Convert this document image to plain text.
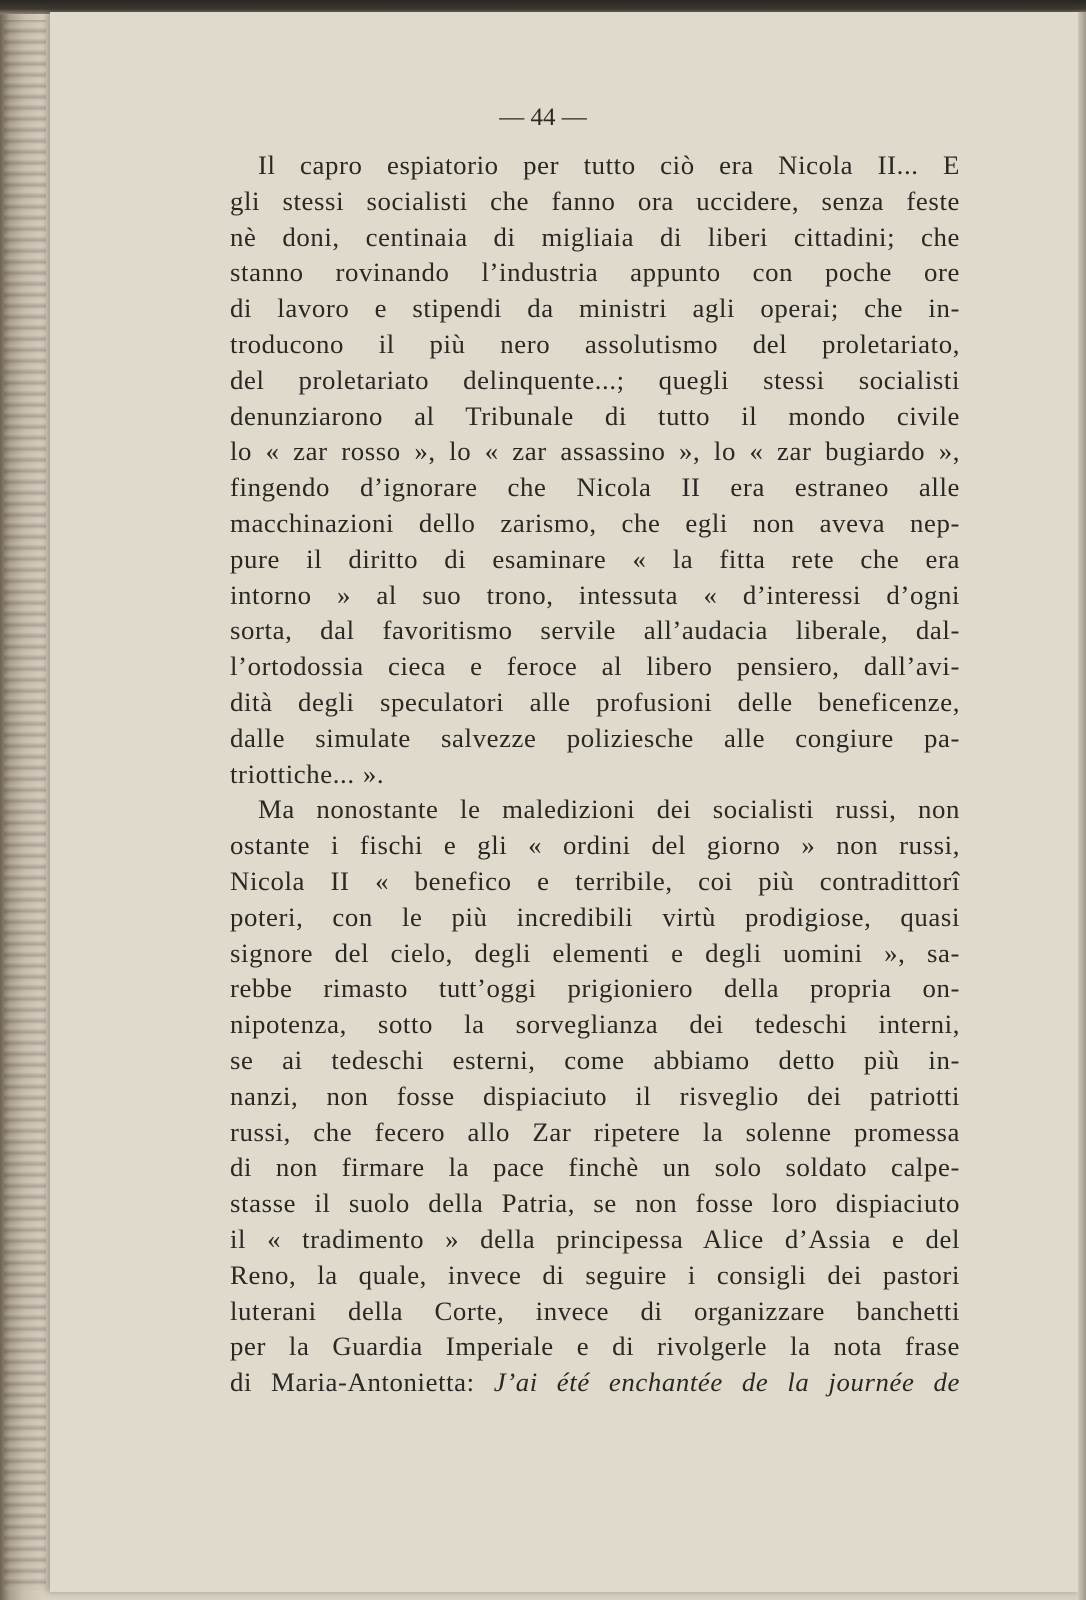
— 44 —

Il capro espiatorio per tutto ciò era Nicola II... E

gli stessi socialisti che fanno ora uccidere, senza feste

nè doni, centinaia di migliaia di liberi cittadini; che

stanno rovinando l’industria appunto con poche ore

di lavoro e stipendi da ministri agli operai; che in-

troducono il più nero assolutismo del proletariato,

del proletariato delinquente...; quegli stessi socialisti

denunziarono al Tribunale di tutto il mondo civile

lo « zar rosso », lo « zar assassino », lo « zar bugiardo »,

fingendo d’ignorare che Nicola II era estraneo alle

macchinazioni dello zarismo, che egli non aveva nep-

pure il diritto di esaminare « la fitta rete che era

intorno » al suo trono, intessuta « d’interessi d’ogni

sorta, dal favoritismo servile all’audacia liberale, dal-

l’ortodossia cieca e feroce al libero pensiero, dall’avi-

dità degli speculatori alle profusioni delle beneficenze,

dalle simulate salvezze poliziesche alle congiure pa-

triottiche... ».

Ma nonostante le maledizioni dei socialisti russi, non

ostante i fischi e gli « ordini del giorno » non russi,

Nicola II « benefico e terribile, coi più contradittorî

poteri, con le più incredibili virtù prodigiose, quasi

signore del cielo, degli elementi e degli uomini », sa-

rebbe rimasto tutt’oggi prigioniero della propria on-

nipotenza, sotto la sorveglianza dei tedeschi interni,

se ai tedeschi esterni, come abbiamo detto più in-

nanzi, non fosse dispiaciuto il risveglio dei patriotti

russi, che fecero allo Zar ripetere la solenne promessa

di non firmare la pace finchè un solo soldato calpe-

stasse il suolo della Patria, se non fosse loro dispiaciuto

il « tradimento » della principessa Alice d’Assia e del

Reno, la quale, invece di seguire i consigli dei pastori

luterani della Corte, invece di organizzare banchetti

per la Guardia Imperiale e di rivolgerle la nota frase

di Maria-Antonietta: J’ai été enchantée de la journée de
